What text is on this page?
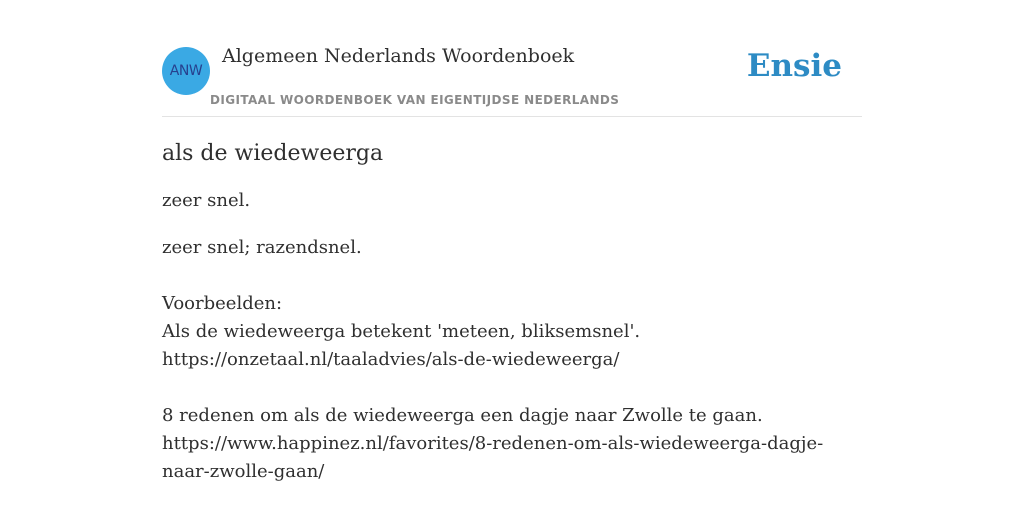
ANW
Algemeen Nederlands Woordenboek
DIGITAAL WOORDENBOEK VAN EIGENTIJDSE NEDERLANDS
Ensie
als de wiedeweerga

zeer snel.

zeer snel; razendsnel.
Voorbeelden:
Als de wiedeweerga betekent 'meteen, bliksemsnel'.
https://onzetaal.nl/taaladvies/als-de-wiedeweerga/
8 redenen om als de wiedeweerga een dagje naar Zwolle te gaan.
https://www.happinez.nl/favorites/8-redenen-om-als-wiedeweerga-dagje-naar-zwolle-gaan/
